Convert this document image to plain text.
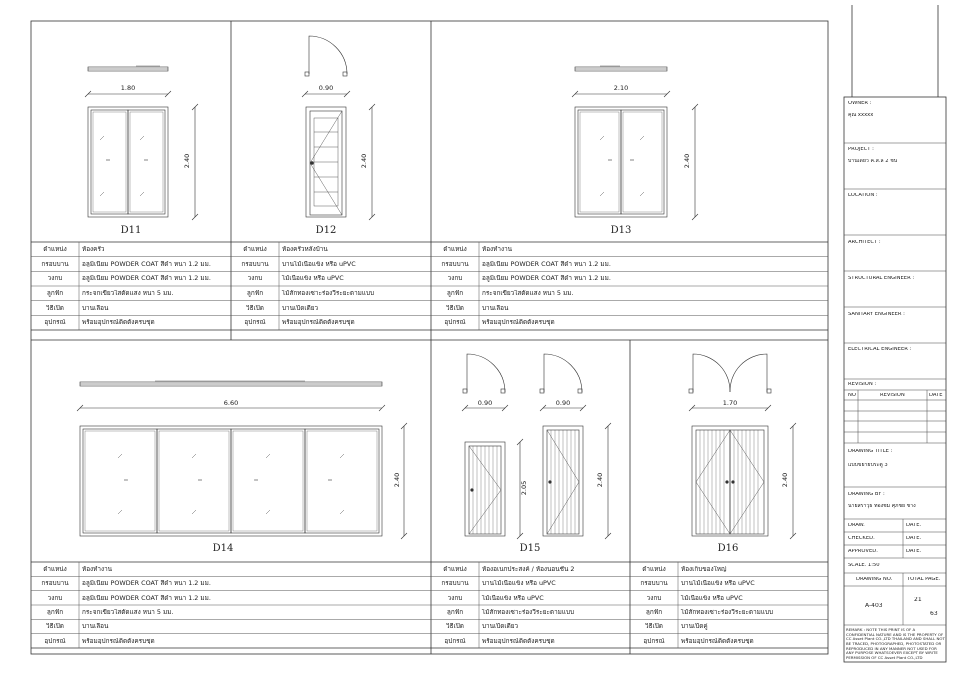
1.80
2.40
0.90
2.40
2.10
2.40
6.60
2.40
0.90	0.90
2.05
2.40
1.70
2.40
D11	D12	D13
D14	D15	D16
ตำแหน่ง	ห้องครัว
กรอบบาน	อลูมิเนียม POWDER COAT สีดำ หนา 1.2 มม.
วงกบ	อลูมิเนียม POWDER COAT สีดำ หนา 1.2 มม.
ลูกฟัก	กระจกเขียวใสตัดแสง หนา 5 มม.
วิธีเปิด	บานเลื่อน
อุปกรณ์	พร้อมอุปกรณ์ติดตั้งครบชุด
ตำแหน่ง	ห้องครัวหลังบ้าน
กรอบบาน	บานไม้เนื้อแข็ง หรือ uPVC
วงกบ	ไม้เนื้อแข็ง หรือ uPVC
ลูกฟัก	ไม้สักทองเซาะร่องวีระยะตามแบบ
วิธีเปิด	บานเปิดเดียว
อุปกรณ์	พร้อมอุปกรณ์ติดตั้งครบชุด
ตำแหน่ง	ห้องทำงาน
กรอบบาน	อลูมิเนียม POWDER COAT สีดำ หนา 1.2 มม.
วงกบ	อลูมิเนียม POWDER COAT สีดำ หนา 1.2 มม.
ลูกฟัก	กระจกเขียวใสตัดแสง หนา 5 มม.
วิธีเปิด	บานเลื่อน
อุปกรณ์	พร้อมอุปกรณ์ติดตั้งครบชุด
ตำแหน่ง	ห้องทำงาน
กรอบบาน	อลูมิเนียม POWDER COAT สีดำ หนา 1.2 มม.
วงกบ	อลูมิเนียม POWDER COAT สีดำ หนา 1.2 มม.
ลูกฟัก	กระจกเขียวใสตัดแสง หนา 5 มม.
วิธีเปิด	บานเลื่อน
อุปกรณ์	พร้อมอุปกรณ์ติดตั้งครบชุด
ตำแหน่ง	ห้องอเนกประสงค์ / ห้องนอนชั้น 2
กรอบบาน	บานไม้เนื้อแข็ง หรือ uPVC
วงกบ	ไม้เนื้อแข็ง หรือ uPVC
ลูกฟัก	ไม้สักทองเซาะร่องวีระยะตามแบบ
วิธีเปิด	บานเปิดเดียว
อุปกรณ์	พร้อมอุปกรณ์ติดตั้งครบชุด
ตำแหน่ง	ห้องเก็บของใหญ่
กรอบบาน	บานไม้เนื้อแข็ง หรือ uPVC
วงกบ	ไม้เนื้อแข็ง หรือ uPVC
ลูกฟัก	ไม้สักทองเซาะร่องวีระยะตามแบบ
วิธีเปิด	บานเปิดคู่
อุปกรณ์	พร้อมอุปกรณ์ติดตั้งครบชุด
OWNER :
คุณ xxxxx
PROJECT :
บ้านเดี่ยว ค.ส.ล 2 ชั้น
LOCATION :
ARCHITECT :
STRUCTURAL ENGINEER :
SANITARY ENGINEER :
ELECTRICAL ENGINEER :
REVISION :
NO	REVISION	DATE
DRAWING TITLE :
แบบขยายประตู 3
DRAWING BY :
นายสราวุธ ทองชม ศุภชัย ช่าง
DRAW.	DATE.
CHECKED.	DATE.
APPROVED.	DATE.
SCALE. 1:50
DRAWING NO.	TOTAL PAGE.
A-403
21
63
REMARK : NOTE THIS PRINT IS OF A CONFIDENTIAL NATURE AND IS THE PROPERTY OF CC Asset Plant CO.,LTD THAILAND AND SHALL NOT BE TRACED, PHOTOGRAPHED, PHOTOSTATED OR REPRODUCED IN ANY MANNER NOT USED FOR ANY PURPOSE WHATSOEVER EXCEPT BY WRITE PERMISSION OF CC Asset Plant CO.,LTD
